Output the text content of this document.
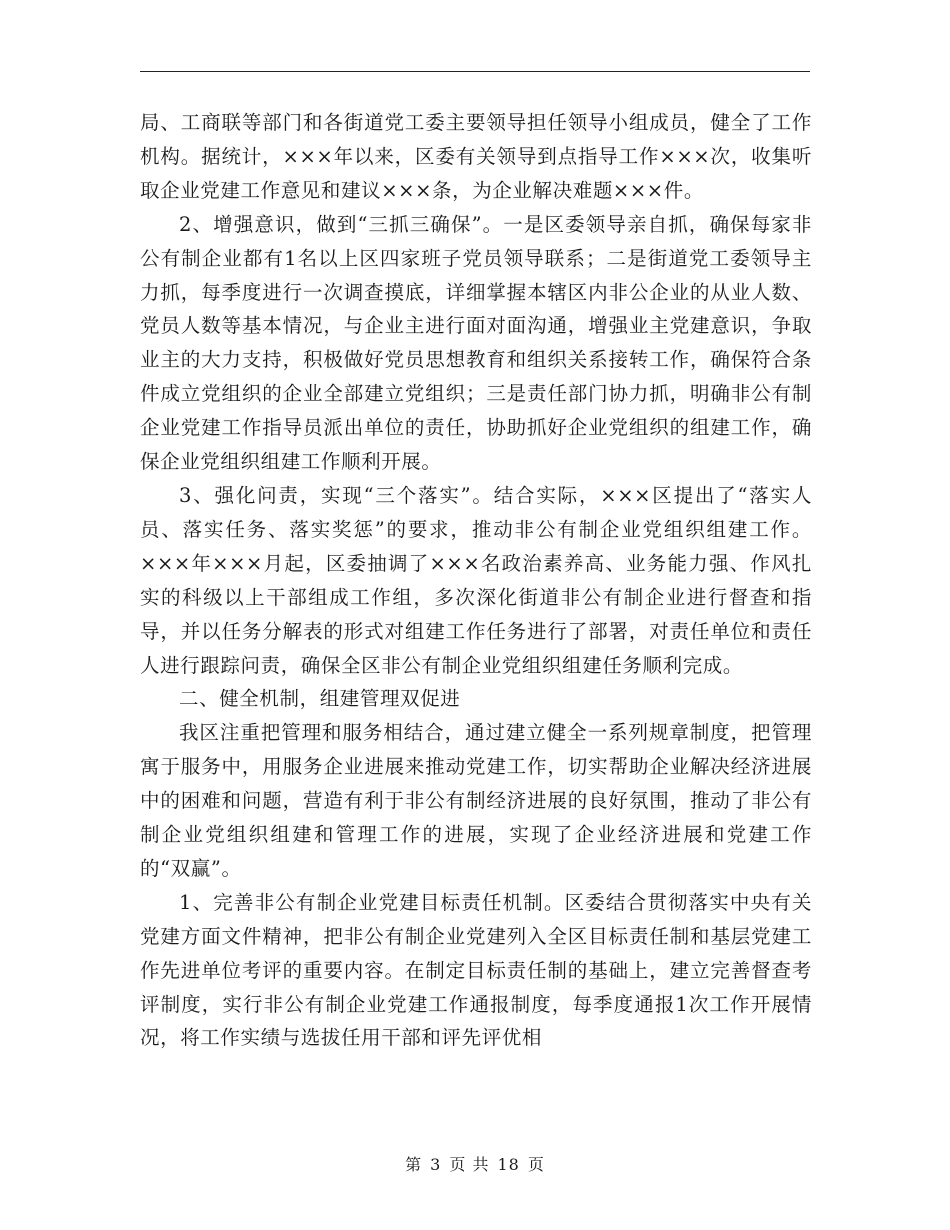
局、工商联等部门和各街道党工委主要领导担任领导小组成员，健全了工作机构。据统计，×××年以来，区委有关领导到点指导工作×××次，收集听取企业党建工作意见和建议×××条，为企业解决难题×××件。

2、增强意识，做到“三抓三确保”。一是区委领导亲自抓，确保每家非公有制企业都有1名以上区四家班子党员领导联系；二是街道党工委领导主力抓，每季度进行一次调查摸底，详细掌握本辖区内非公企业的从业人数、党员人数等基本情况，与企业主进行面对面沟通，增强业主党建意识，争取业主的大力支持，积极做好党员思想教育和组织关系接转工作，确保符合条件成立党组织的企业全部建立党组织；三是责任部门协力抓，明确非公有制企业党建工作指导员派出单位的责任，协助抓好企业党组织的组建工作，确保企业党组织组建工作顺利开展。

3、强化问责，实现“三个落实”。结合实际，×××区提出了“落实人员、落实任务、落实奖惩”的要求，推动非公有制企业党组织组建工作。×××年×××月起，区委抽调了×××名政治素养高、业务能力强、作风扎实的科级以上干部组成工作组，多次深化街道非公有制企业进行督查和指导，并以任务分解表的形式对组建工作任务进行了部署，对责任单位和责任人进行跟踪问责，确保全区非公有制企业党组织组建任务顺利完成。

二、健全机制，组建管理双促进

我区注重把管理和服务相结合，通过建立健全一系列规章制度，把管理寓于服务中，用服务企业进展来推动党建工作，切实帮助企业解决经济进展中的困难和问题，营造有利于非公有制经济进展的良好氛围，推动了非公有制企业党组织组建和管理工作的进展，实现了企业经济进展和党建工作的“双赢”。

1、完善非公有制企业党建目标责任机制。区委结合贯彻落实中央有关党建方面文件精神，把非公有制企业党建列入全区目标责任制和基层党建工作先进单位考评的重要内容。在制定目标责任制的基础上，建立完善督查考评制度，实行非公有制企业党建工作通报制度，每季度通报1次工作开展情况，将工作实绩与选拔任用干部和评先评优相

第 3 页 共 18 页
